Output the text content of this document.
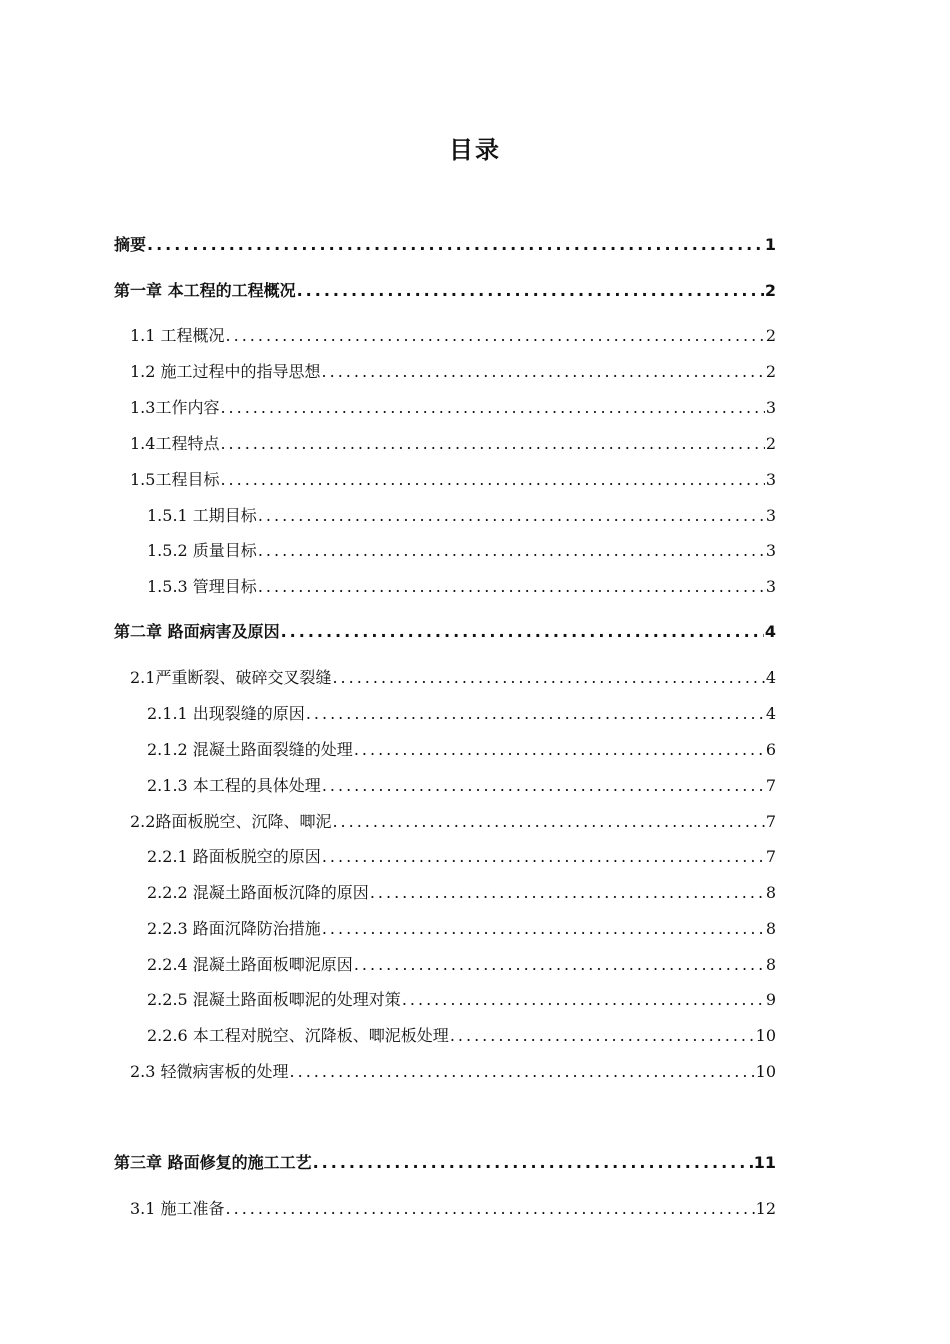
目录
摘要 .....	1
第一章 本工程的工程概况 .....	2
1.1 工程概况 .....	2
1.2 施工过程中的指导思想 .....	2
1.3工作内容 .....	3
1.4工程特点 .....	2
1.5工程目标 .....	3
1.5.1 工期目标 .....	3
1.5.2 质量目标 .....	3
1.5.3 管理目标 .....	3
第二章 路面病害及原因 .....	4
2.1严重断裂、破碎交叉裂缝 .....	4
2.1.1 出现裂缝的原因 .....	4
2.1.2 混凝土路面裂缝的处理 .....	6
2.1.3 本工程的具体处理 .....	7
2.2路面板脱空、沉降、唧泥 .....	7
2.2.1 路面板脱空的原因 .....	7
2.2.2 混凝土路面板沉降的原因 .....	8
2.2.3 路面沉降防治措施 .....	8
2.2.4 混凝土路面板唧泥原因 .....	8
2.2.5 混凝土路面板唧泥的处理对策 .....	9
2.2.6 本工程对脱空、沉降板、唧泥板处理 .....	10
2.3 轻微病害板的处理 .....	10
第三章 路面修复的施工工艺 .....	11
3.1 施工准备 .....	12
